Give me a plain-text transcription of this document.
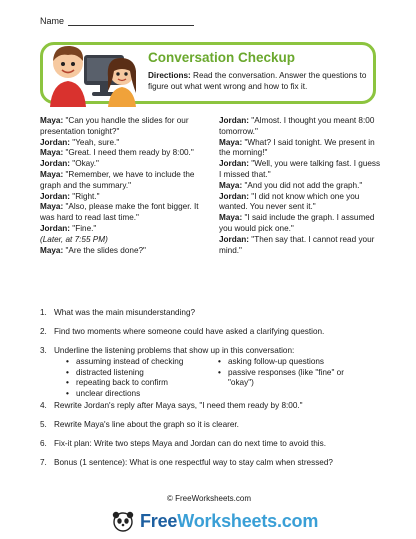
Name
Conversation Checkup
Directions: Read the conversation. Answer the questions to figure out what went wrong and how to fix it.

Maya: "Can you handle the slides for our presentation tonight?"

Jordan: "Yeah, sure."

Maya: "Great. I need them ready by 8:00."

Jordan: "Okay."

Maya: "Remember, we have to include the graph and the summary."

Jordan: "Right."

Maya: "Also, please make the font bigger. It was hard to read last time."

Jordan: "Fine."

(Later, at 7:55 PM)

Maya: "Are the slides done?"

Jordan: "Almost. I thought you meant 8:00 tomorrow."

Maya: "What? I said tonight. We present in the morning!"

Jordan: "Well, you were talking fast. I guess I missed that."

Maya: "And you did not add the graph."

Jordan: "I did not know which one you wanted. You never sent it."

Maya: "I said include the graph. I assumed you would pick one."

Jordan: "Then say that. I cannot read your mind."

1. What was the main misunderstanding?
2. Find two moments where someone could have asked a clarifying question.
3. Underline the listening problems that show up in this conversation:
• assuming instead of checking	• asking follow-up questions
• distracted listening	• passive responses (like "fine" or "okay")
• repeating back to confirm
• unclear directions
4. Rewrite Jordan's reply after Maya says, "I need them ready by 8:00."
5. Rewrite Maya's line about the graph so it is clearer.
6. Fix-it plan: Write two steps Maya and Jordan can do next time to avoid this.
7. Bonus (1 sentence): What is one respectful way to stay calm when stressed?
© FreeWorksheets.com
FreeWorksheets.com
